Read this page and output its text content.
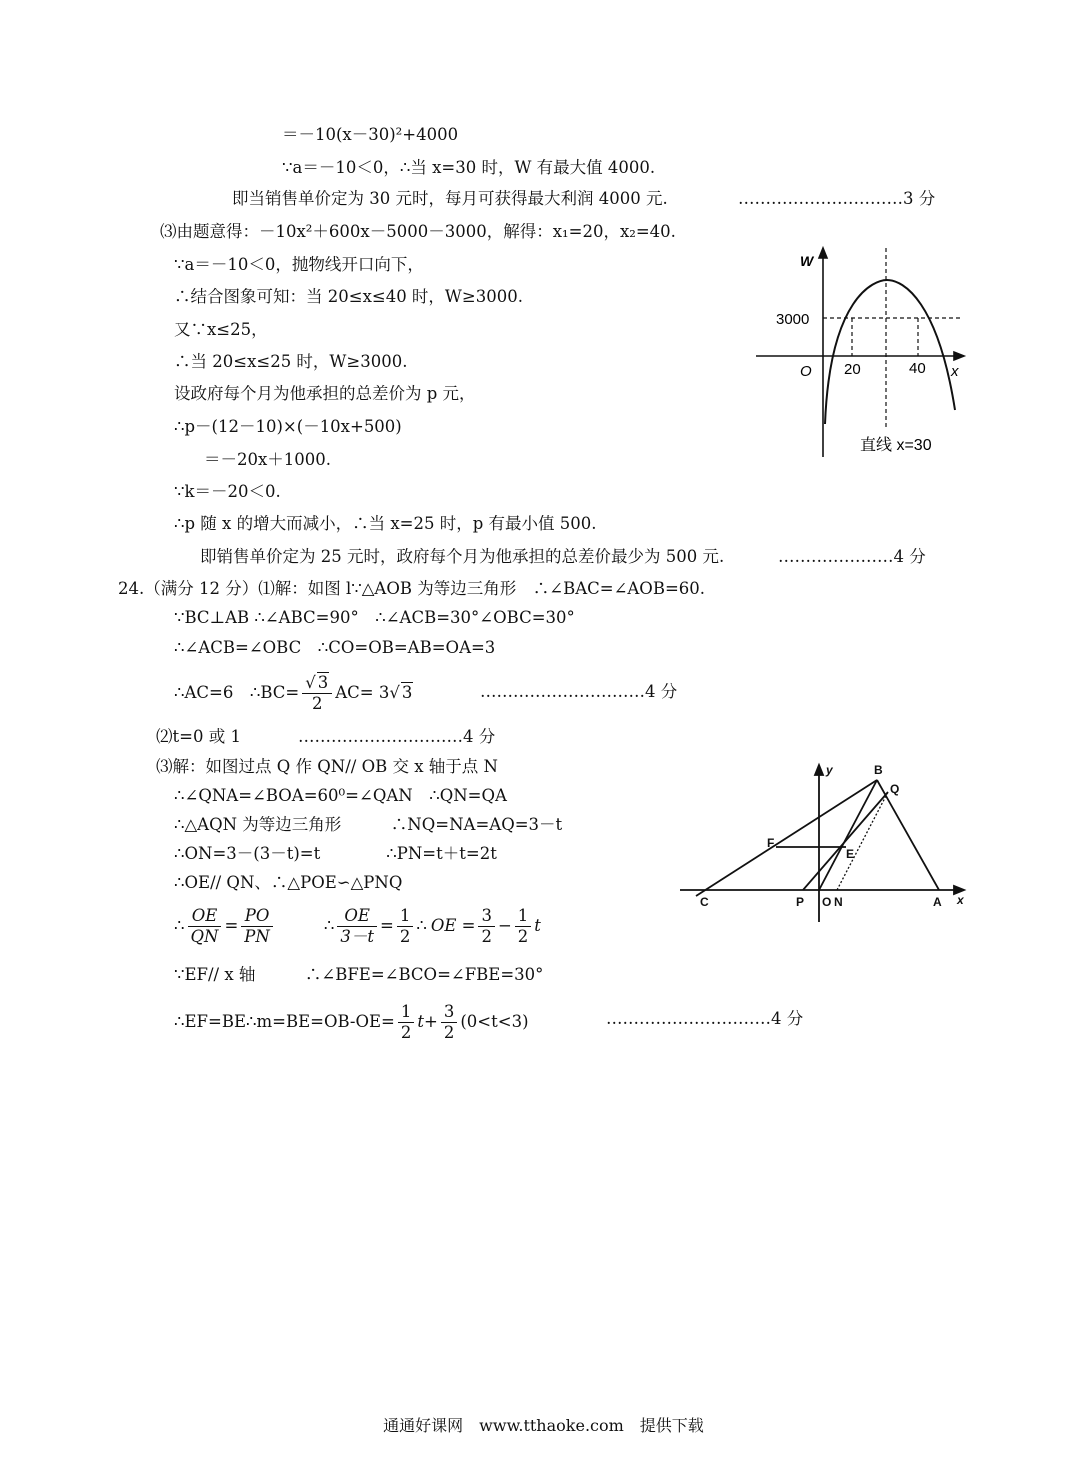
＝－10(x－30)²+4000
∵a＝－10＜0，∴当 x=30 时，W 有最大值 4000.
即当销售单价定为 30 元时，每月可获得最大利润 4000 元.	…………………………3 分
⑶由题意得：－10x²＋600x－5000－3000，解得：x₁=20，x₂=40.
∵a＝－10＜0，抛物线开口向下，
∴结合图象可知：当 20≤x≤40 时，W≥3000.
又∵x≤25，
∴当 20≤x≤25 时，W≥3000.
设政府每个月为他承担的总差价为 p 元，
∴p－(12－10)×(－10x+500)
＝－20x＋1000.
∵k＝－20＜0.
∴p 随 x 的增大而减小，∴当 x=25 时，p 有最小值 500.
即销售单价定为 25 元时，政府每个月为他承担的总差价最少为 500 元.	…………………4 分
W
3000
O 20	40 x
直线 x=30
24.（满分 12 分）⑴解：如图 l∵△AOB 为等边三角形　∴∠BAC=∠AOB=60.
∵BC⊥AB ∴∠ABC=90°　∴∠ACB=30°∠OBC=30°
∴∠ACB=∠OBC　∴CO=OB=AB=OA=3
∴AC=6　∴BC= $\frac{√ 3}{2} AC= 3$ √ 3	…………………………4 分
⑵t=0 或 1	…………………………4 分
⑶解：如图过点 Q 作 QN// OB 交 x 轴于点 N
∴∠QNA=∠BOA=60⁰=∠QAN　∴QN=QA
∴△AQN 为等边三角形　　　∴NQ=NA=AQ=3－t
∴ON=3－(3－t)=t　　　　∴PN=t＋t=2t
∴OE// QN、∴△POE∽△PNQ
∴ $\frac{OE}{QN} = \frac{PO}{PN}$	∴ $\frac{OE}{3-t} = \frac{1}{2}$ ∴ OE = $\frac{3}{2} - \frac{1}{2}$ t
∵EF// x 轴　　　∴∠BFE=∠BCO=∠FBE=30°
∴EF=BE∴m=BE=OB-OE= $\frac{1}{2}$ $t + \frac{3}{2} (0<t<3)$	…………………………4 分
y
x
B
Q
F
E
C	P O N	A
通通好课网　www.tthaoke.com　提供下载
